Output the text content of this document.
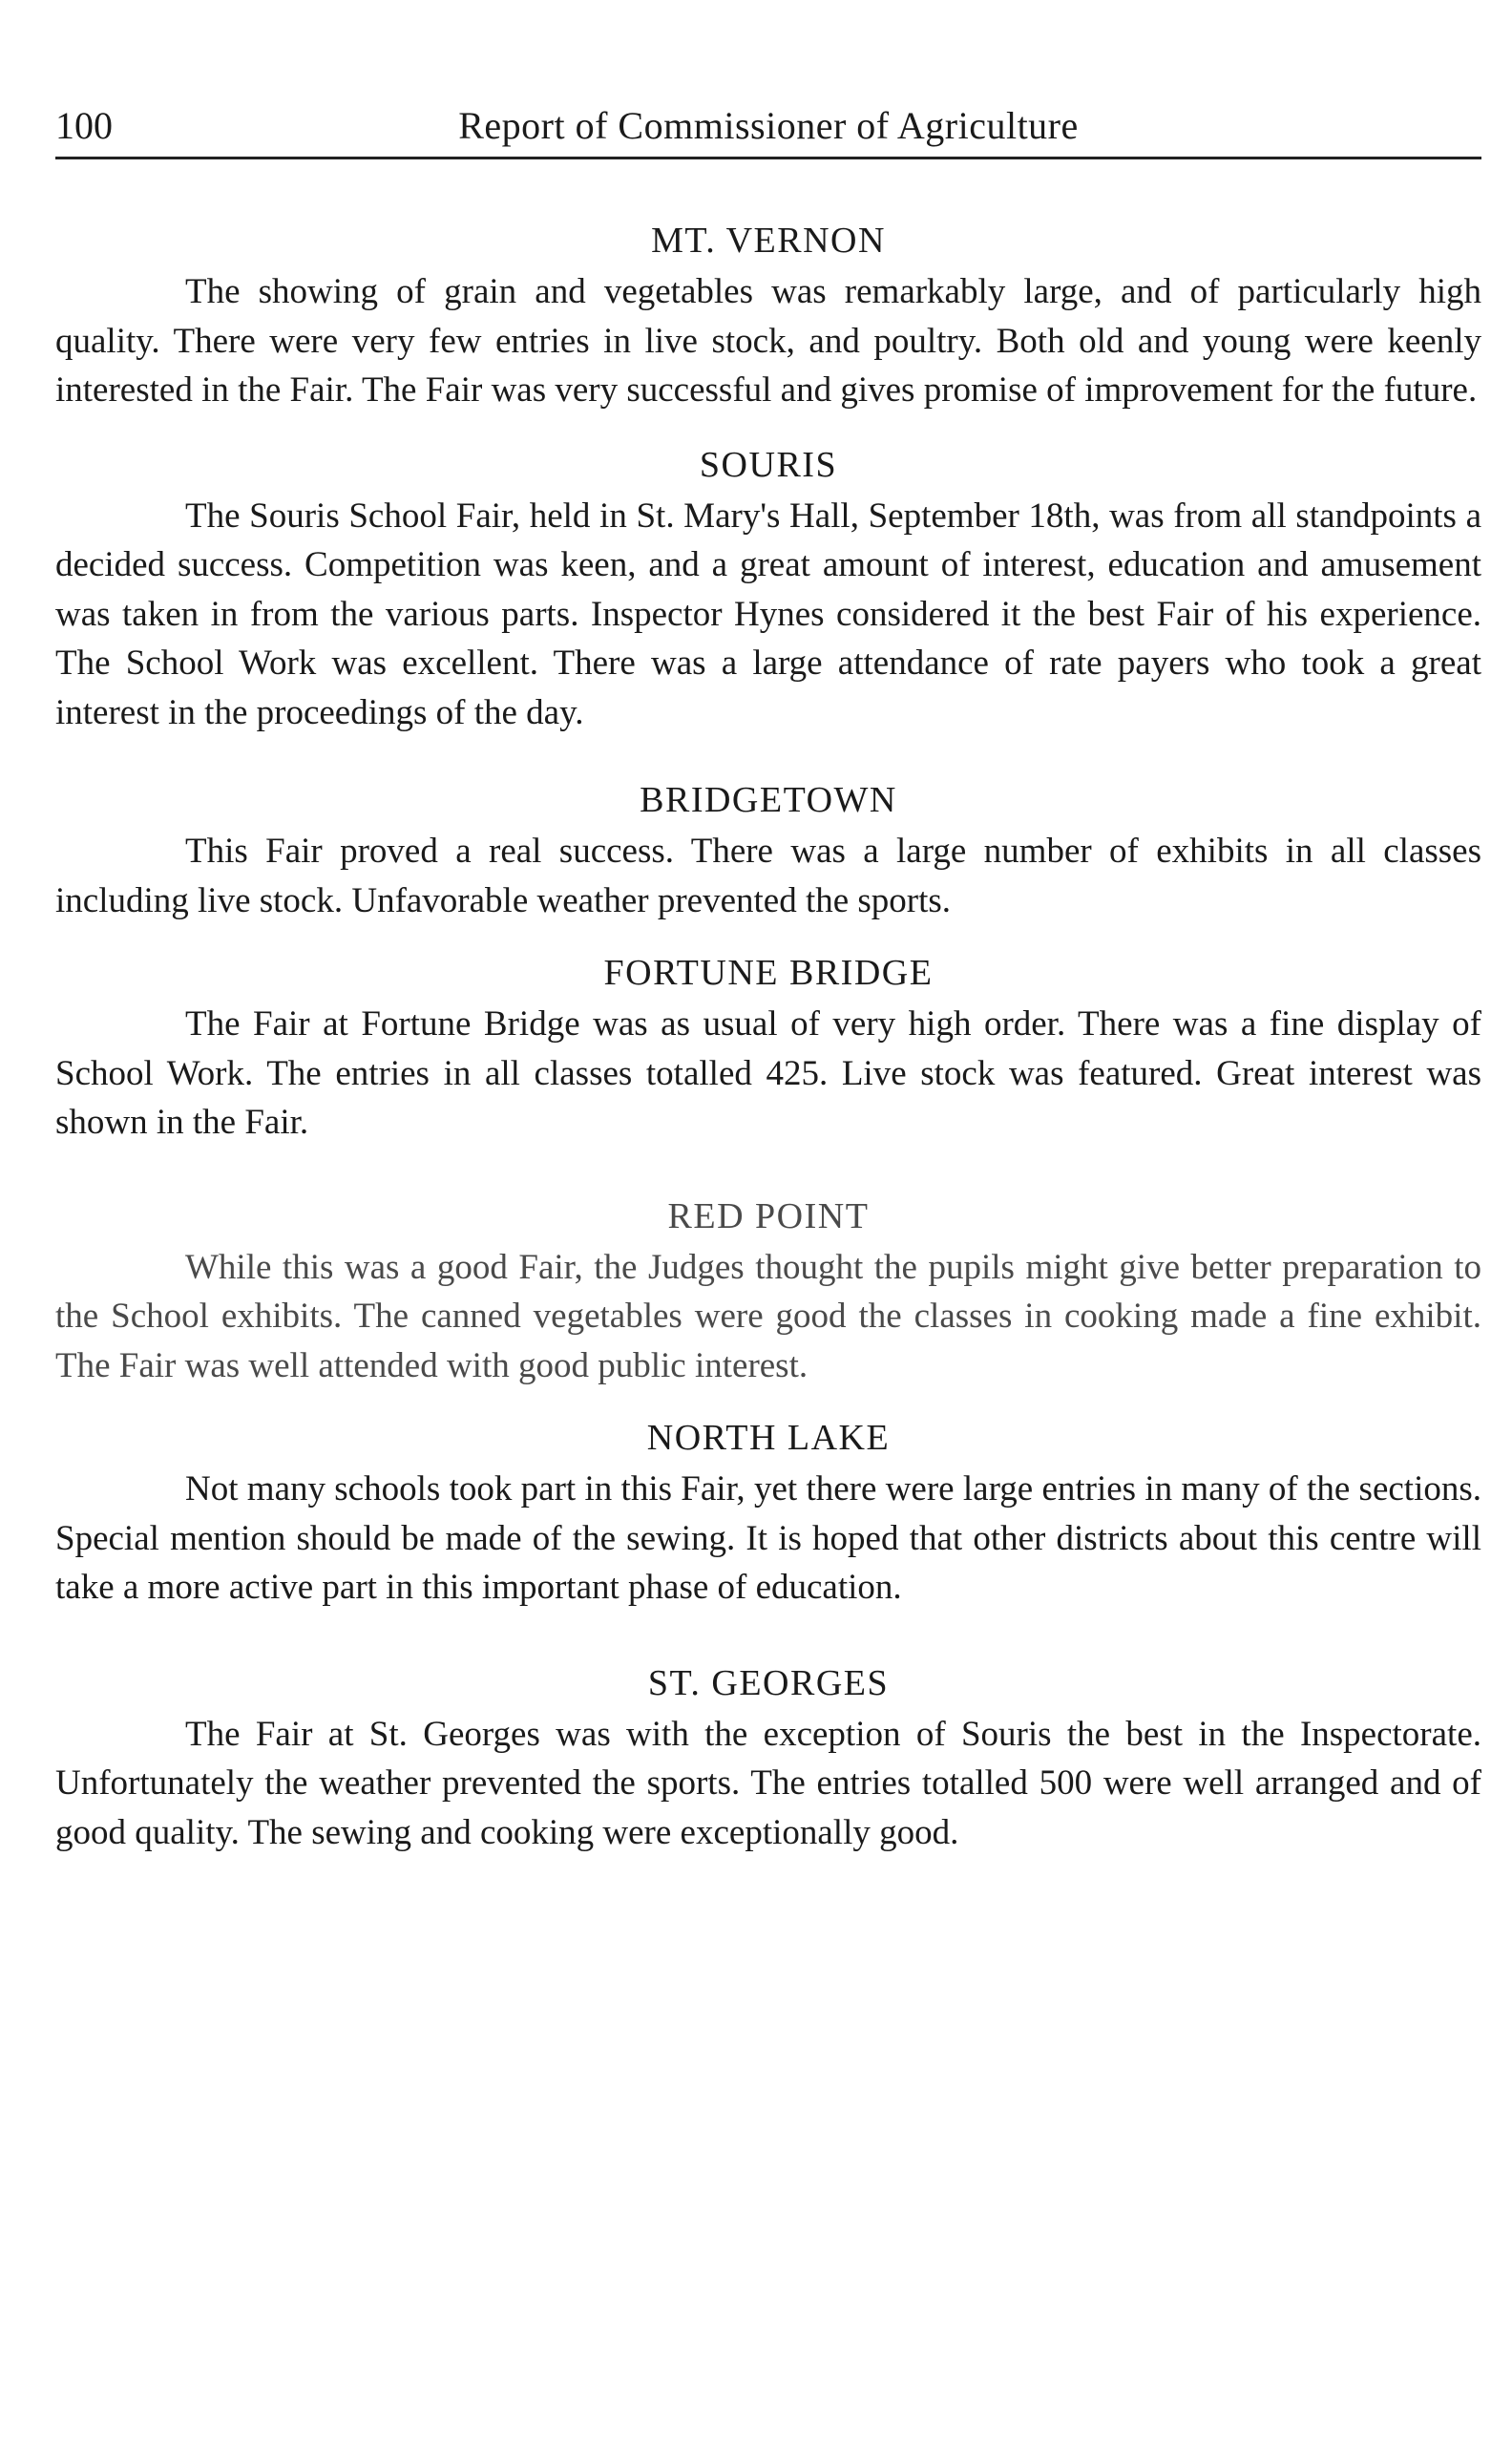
100	Report of Commissioner of Agriculture
MT. VERNON

The showing of grain and vegetables was remarkably large, and of particularly high quality. There were very few entries in live stock, and poultry. Both old and young were keenly interested in the Fair. The Fair was very successful and gives promise of improvement for the future.

SOURIS

The Souris School Fair, held in St. Mary's Hall, September 18th, was from all standpoints a decided success. Competition was keen, and a great amount of interest, education and amusement was taken in from the various parts. Inspector Hynes considered it the best Fair of his experience. The School Work was excellent. There was a large attendance of rate payers who took a great interest in the proceedings of the day.

BRIDGETOWN

This Fair proved a real success. There was a large number of exhibits in all classes including live stock. Unfavorable weather prevented the sports.

FORTUNE BRIDGE

The Fair at Fortune Bridge was as usual of very high order. There was a fine display of School Work. The entries in all classes totalled 425. Live stock was featured. Great interest was shown in the Fair.

RED POINT

While this was a good Fair, the Judges thought the pupils might give better preparation to the School exhibits. The canned vegetables were good the classes in cooking made a fine exhibit. The Fair was well attended with good public interest.

NORTH LAKE

Not many schools took part in this Fair, yet there were large entries in many of the sections. Special mention should be made of the sewing. It is hoped that other districts about this centre will take a more active part in this important phase of education.

ST. GEORGES

The Fair at St. Georges was with the exception of Souris the best in the Inspectorate. Unfortunately the weather prevented the sports. The entries totalled 500 were well arranged and of good quality. The sewing and cooking were exceptionally good.
